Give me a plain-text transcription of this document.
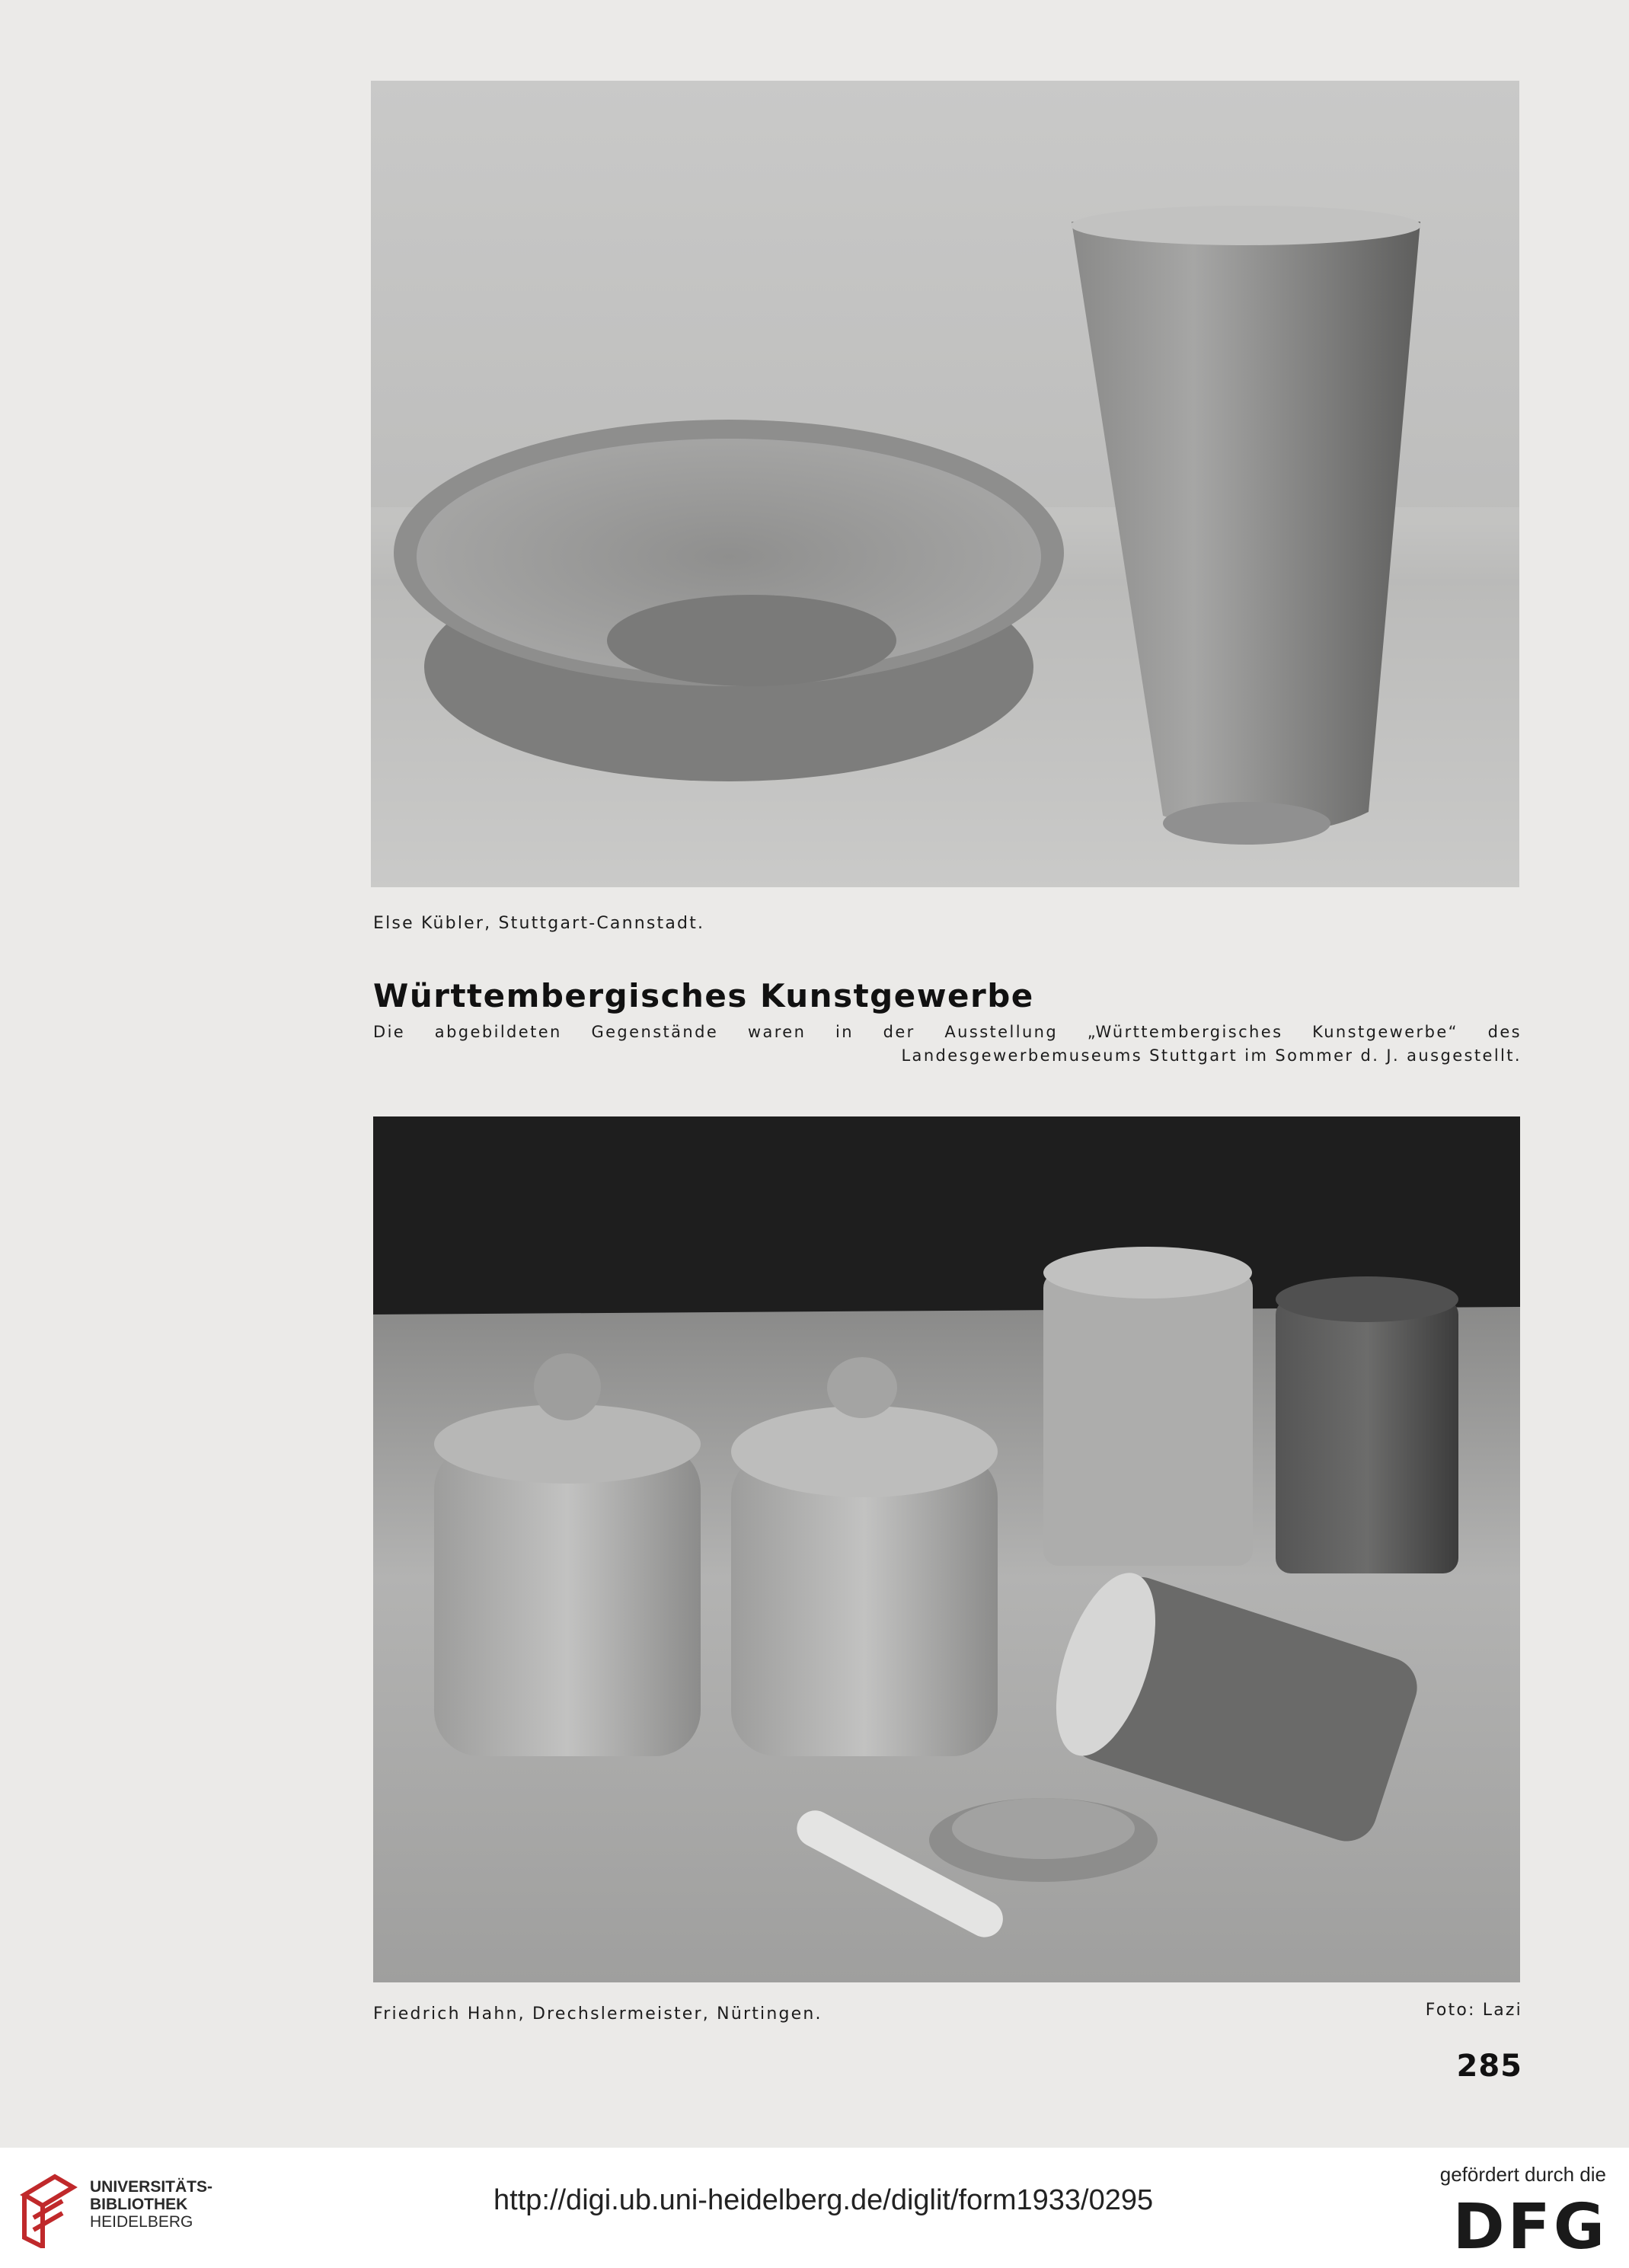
Else Kübler, Stuttgart-Cannstadt.
Württembergisches Kunstgewerbe
Die abgebildeten Gegenstände waren in der Ausstellung „Württembergisches Kunstgewerbe“ des Landesgewerbemuseums Stuttgart im Sommer d. J. ausgestellt.
Friedrich Hahn, Drechslermeister, Nürtingen.	Foto: Lazi
285
UNIVERSITÄTS-
BIBLIOTHEK
HEIDELBERG
http://digi.ub.uni-heidelberg.de/diglit/form1933/0295
gefördert durch die
DFG
